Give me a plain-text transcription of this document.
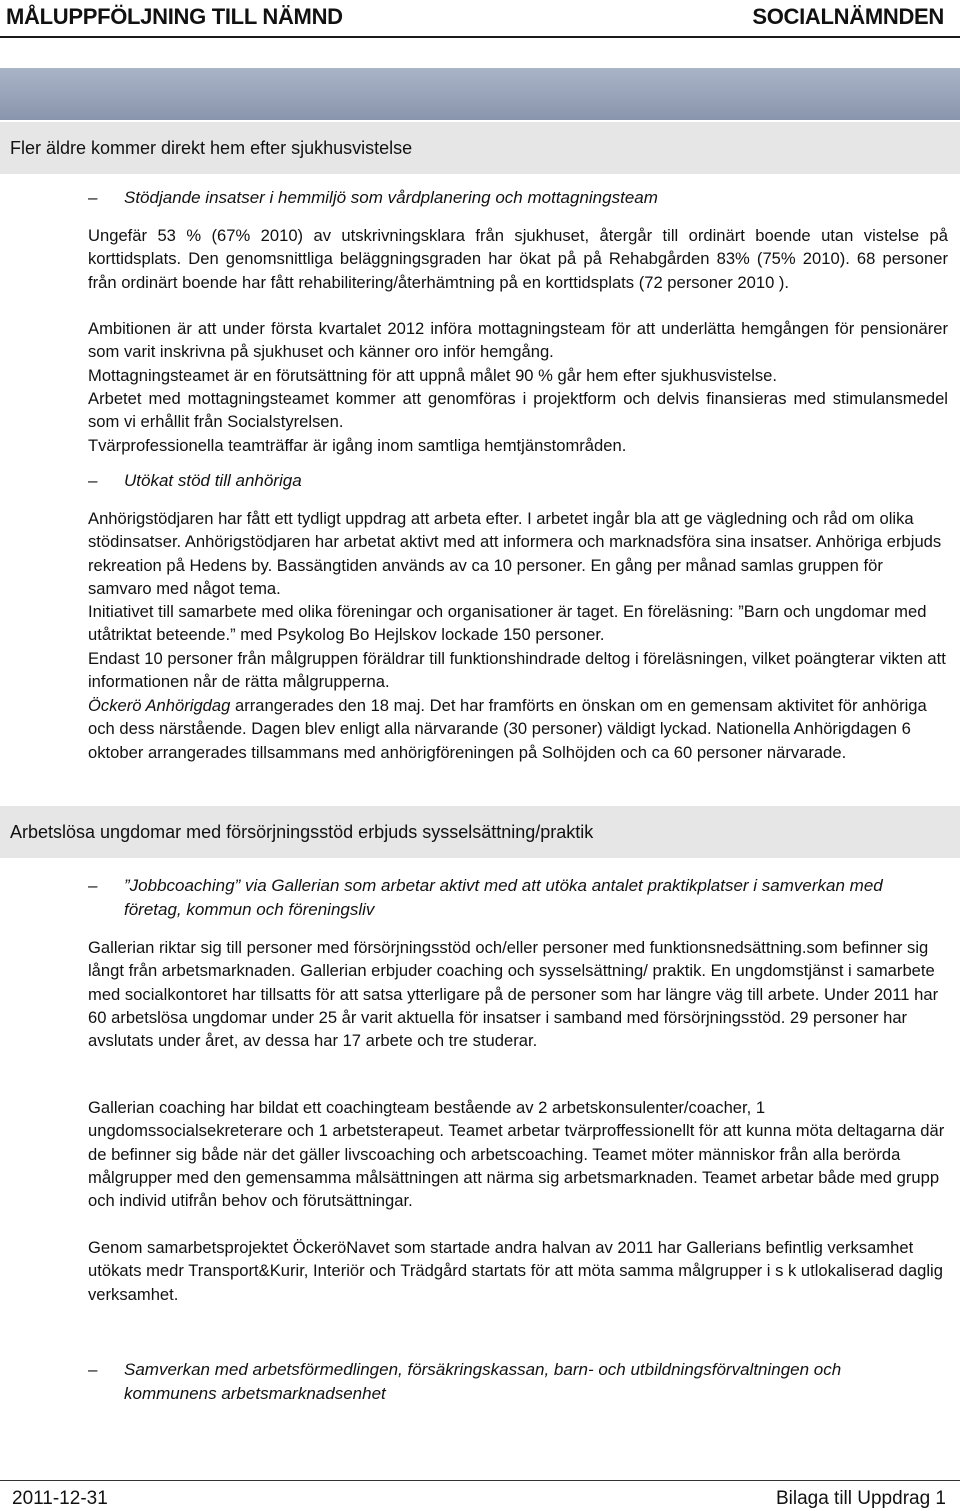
MÅLUPPFÖLJNING TILL NÄMND	SOCIALNÄMNDEN
Fler äldre kommer direkt hem efter sjukhusvistelse
– Stödjande insatser i hemmiljö som vårdplanering och mottagningsteam
Ungefär 53 % (67% 2010) av utskrivningsklara från sjukhuset, återgår till ordinärt boende utan vistelse på korttidsplats. Den genomsnittliga beläggningsgraden har ökat på på Rehabgården 83% (75% 2010). 68 personer från ordinärt boende har fått rehabilitering/återhämtning på en korttidsplats (72 personer 2010 ).
Ambitionen är att under första kvartalet 2012 införa mottagningsteam för att underlätta hemgången för pensionärer som varit inskrivna på sjukhuset och känner oro inför hemgång.
Mottagningsteamet är en förutsättning för att uppnå målet 90 % går hem efter sjukhusvistelse.
Arbetet med mottagningsteamet kommer att genomföras i projektform och delvis finansieras med stimulansmedel som vi erhållit från Socialstyrelsen.
Tvärprofessionella teamträffar är igång inom samtliga hemtjänstområden.
– Utökat stöd till anhöriga
Anhörigstödjaren har fått ett tydligt uppdrag att arbeta efter. I arbetet ingår bla att ge vägledning och råd om olika stödinsatser. Anhörigstödjaren har arbetat aktivt med att informera och marknadsföra sina insatser. Anhöriga erbjuds rekreation på Hedens by. Bassängtiden används av ca 10 personer. En gång per månad samlas gruppen för samvaro med något tema.
Initiativet till samarbete med olika föreningar och organisationer är taget. En föreläsning: ”Barn och ungdomar med utåtriktat beteende.” med Psykolog Bo Hejlskov lockade 150 personer.
Endast 10 personer från målgruppen föräldrar till funktionshindrade deltog i föreläsningen, vilket poängterar vikten att informationen når de rätta målgrupperna.
Öckerö Anhörigdag arrangerades den 18 maj. Det har framförts en önskan om en gemensam aktivitet för anhöriga och dess närstående. Dagen blev enligt alla närvarande (30 personer) väldigt lyckad. Nationella Anhörigdagen 6 oktober arrangerades tillsammans med anhörigföreningen på Solhöjden och ca 60 personer närvarade.
Arbetslösa ungdomar med försörjningsstöd erbjuds sysselsättning/praktik
– ”Jobbcoaching” via Gallerian som arbetar aktivt med att utöka antalet praktikplatser i samverkan med företag, kommun och föreningsliv
Gallerian riktar sig till personer med försörjningsstöd och/eller personer med funktionsnedsättning.som befinner sig långt från arbetsmarknaden. Gallerian erbjuder coaching och sysselsättning/ praktik. En ungdomstjänst i samarbete med socialkontoret har tillsatts för att satsa ytterligare på de personer som har längre väg till arbete. Under 2011 har 60 arbetslösa ungdomar under 25 år varit aktuella för insatser i samband med försörjningsstöd. 29 personer har avslutats under året, av dessa har 17 arbete och tre studerar.
Gallerian coaching har bildat ett coachingteam bestående av 2 arbetskonsulenter/coacher, 1 ungdomssocialsekreterare och 1 arbetsterapeut. Teamet arbetar tvärproffessionellt för att kunna möta deltagarna där de befinner sig både när det gäller livscoaching och arbetscoaching. Teamet möter människor från alla berörda målgrupper med den gemensamma målsättningen att närma sig arbetsmarknaden. Teamet arbetar både med grupp och individ utifrån behov och förutsättningar.
Genom samarbetsprojektet ÖckeröNavet som startade andra halvan av 2011 har Gallerians befintlig verksamhet utökats medr Transport&Kurir, Interiör och Trädgård startats för att möta samma målgrupper i s k utlokaliserad daglig verksamhet.
– Samverkan med arbetsförmedlingen, försäkringskassan, barn- och utbildningsförvaltningen och kommunens arbetsmarknadsenhet
2011-12-31	Bilaga till Uppdrag 1
